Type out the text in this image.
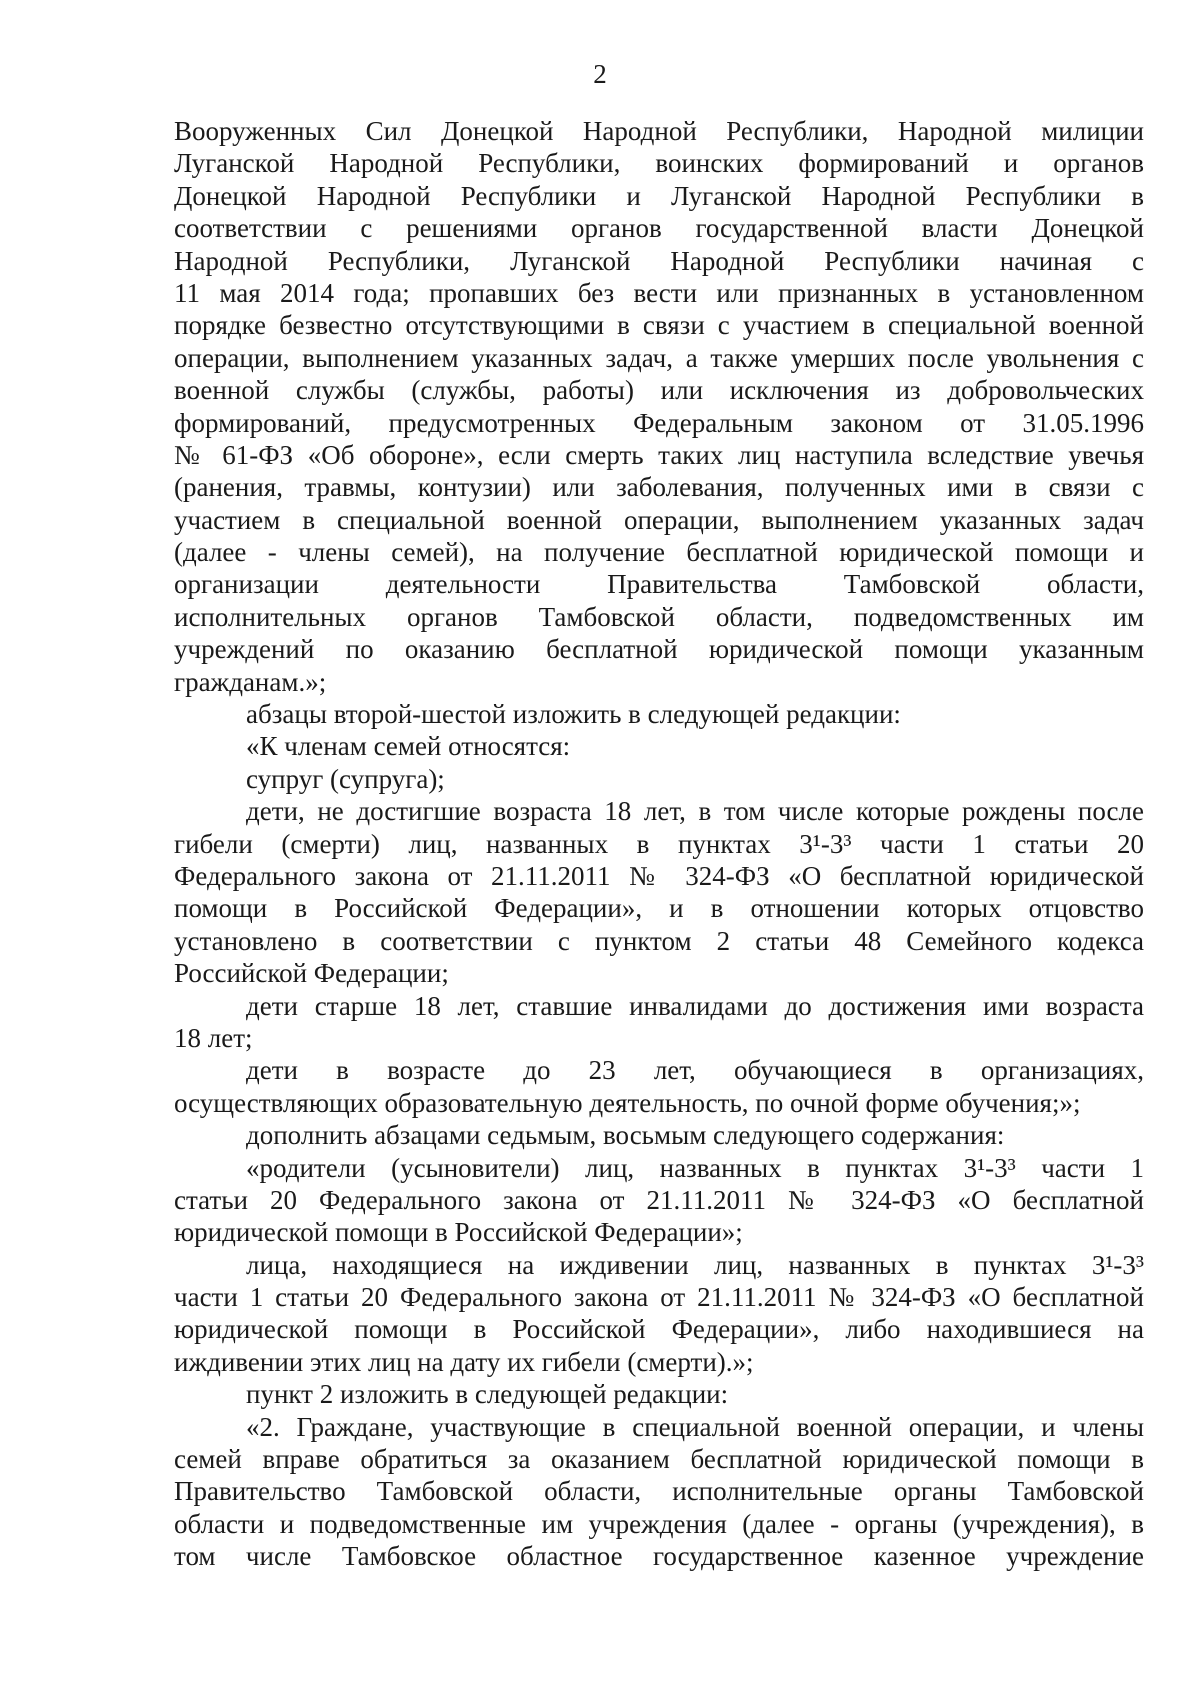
2
Вооруженных Сил Донецкой Народной Республики, Народной милиции
Луганской Народной Республики, воинских формирований и органов
Донецкой Народной Республики и Луганской Народной Республики в
соответствии с решениями органов государственной власти Донецкой
Народной Республики, Луганской Народной Республики начиная с
11 мая 2014 года; пропавших без вести или признанных в установленном
порядке безвестно отсутствующими в связи с участием в специальной военной
операции, выполнением указанных задач, а также умерших после увольнения с
военной службы (службы, работы) или исключения из добровольческих
формирований, предусмотренных Федеральным законом от 31.05.1996
№ 61-ФЗ «Об обороне», если смерть таких лиц наступила вследствие увечья
(ранения, травмы, контузии) или заболевания, полученных ими в связи с
участием в специальной военной операции, выполнением указанных задач
(далее - члены семей), на получение бесплатной юридической помощи и
организации деятельности Правительства Тамбовской области,
исполнительных органов Тамбовской области, подведомственных им
учреждений по оказанию бесплатной юридической помощи указанным
гражданам.»;
абзацы второй-шестой изложить в следующей редакции:
«К членам семей относятся:
супруг (супруга);
дети, не достигшие возраста 18 лет, в том числе которые рождены после
гибели (смерти) лиц, названных в пунктах 3¹-3³ части 1 статьи 20
Федерального закона от 21.11.2011 № 324-ФЗ «О бесплатной юридической
помощи в Российской Федерации», и в отношении которых отцовство
установлено в соответствии с пунктом 2 статьи 48 Семейного кодекса
Российской Федерации;
дети старше 18 лет, ставшие инвалидами до достижения ими возраста
18 лет;
дети в возрасте до 23 лет, обучающиеся в организациях,
осуществляющих образовательную деятельность, по очной форме обучения;»;
дополнить абзацами седьмым, восьмым следующего содержания:
«родители (усыновители) лиц, названных в пунктах 3¹-3³ части 1
статьи 20 Федерального закона от 21.11.2011 № 324-ФЗ «О бесплатной
юридической помощи в Российской Федерации»;
лица, находящиеся на иждивении лиц, названных в пунктах 3¹-3³
части 1 статьи 20 Федерального закона от 21.11.2011 № 324-ФЗ «О бесплатной
юридической помощи в Российской Федерации», либо находившиеся на
иждивении этих лиц на дату их гибели (смерти).»;
пункт 2 изложить в следующей редакции:
«2. Граждане, участвующие в специальной военной операции, и члены
семей вправе обратиться за оказанием бесплатной юридической помощи в
Правительство Тамбовской области, исполнительные органы Тамбовской
области и подведомственные им учреждения (далее - органы (учреждения), в
том числе Тамбовское областное государственное казенное учреждение
